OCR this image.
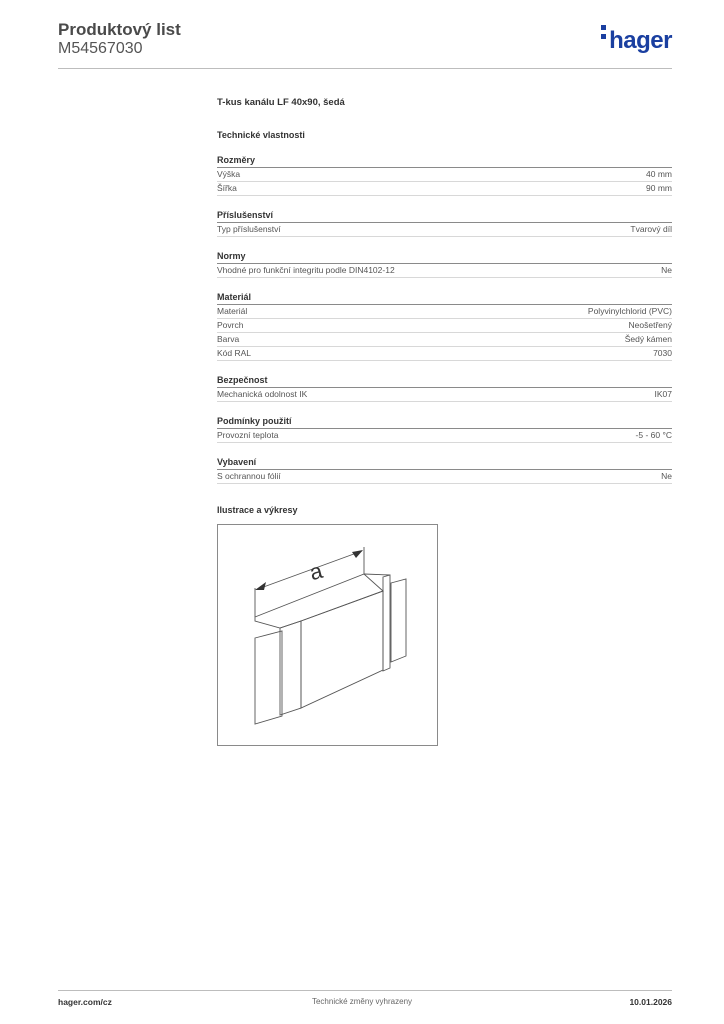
Produktový list
M54567030	hager
T-kus kanálu LF 40x90, šedá
Technické vlastnosti
Rozměry
Výška	40 mm
Šířka	90 mm
Příslušenství
Typ příslušenství	Tvarový díl
Normy
Vhodné pro funkční integritu podle DIN4102-12	Ne
Materiál
Materiál	Polyvinylchlorid (PVC)
Povrch	Neošetřený
Barva	Šedý kámen
Kód RAL	7030
Bezpečnost
Mechanická odolnost IK	IK07
Podmínky použití
Provozní teplota	-5 - 60 °C
Vybavení
S ochrannou fólií	Ne
Ilustrace a výkresy
a
hager.com/cz	Technické změny vyhrazeny	10.01.2026
